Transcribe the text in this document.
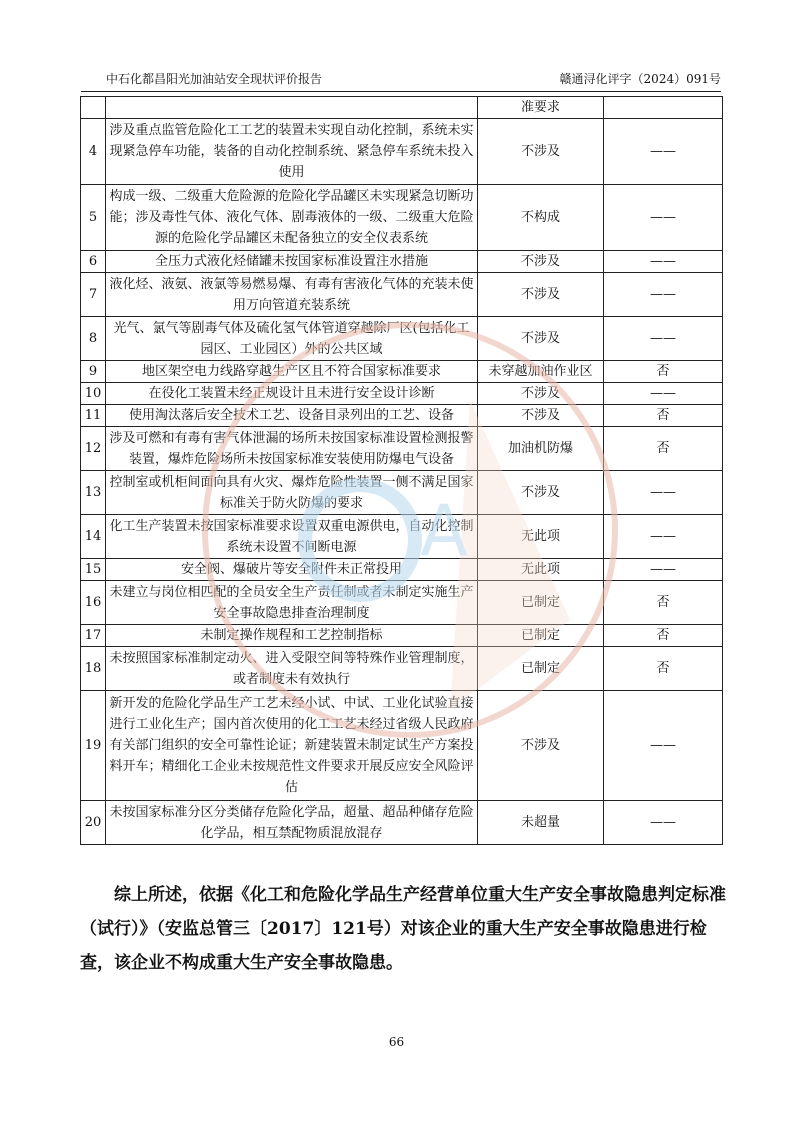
中石化都昌阳光加油站安全现状评价报告	赣通浔化评字（2024）091号
		准要求	
4	涉及重点监管危险化工工艺的装置未实现自动化控制，系统未实现紧急停车功能，装备的自动化控制系统、紧急停车系统未投入使用	不涉及	——
5	构成一级、二级重大危险源的危险化学品罐区未实现紧急切断功能；涉及毒性气体、液化气体、剧毒液体的一级、二级重大危险源的危险化学品罐区未配备独立的安全仪表系统	不构成	——
6	全压力式液化烃储罐未按国家标准设置注水措施	不涉及	——
7	液化烃、液氨、液氯等易燃易爆、有毒有害液化气体的充装未使用万向管道充装系统	不涉及	——
8	光气、氯气等剧毒气体及硫化氢气体管道穿越除厂区(包括化工园区、工业园区）外的公共区域	不涉及	——
9	地区架空电力线路穿越生产区且不符合国家标准要求	未穿越加油作业区	否
10	在役化工装置未经正规设计且未进行安全设计诊断	不涉及	——
11	使用淘汰落后安全技术工艺、设备目录列出的工艺、设备	不涉及	否
12	涉及可燃和有毒有害气体泄漏的场所未按国家标准设置检测报警装置，爆炸危险场所未按国家标准安装使用防爆电气设备	加油机防爆	否
13	控制室或机柜间面向具有火灾、爆炸危险性装置一侧不满足国家标准关于防火防爆的要求	不涉及	——
14	化工生产装置未按国家标准要求设置双重电源供电，自动化控制系统未设置不间断电源	无此项	——
15	安全阀、爆破片等安全附件未正常投用	无此项	——
16	未建立与岗位相匹配的全员安全生产责任制或者未制定实施生产安全事故隐患排查治理制度	已制定	否
17	未制定操作规程和工艺控制指标	已制定	否
18	未按照国家标准制定动火、进入受限空间等特殊作业管理制度，或者制度未有效执行	已制定	否
19	新开发的危险化学品生产工艺未经小试、中试、工业化试验直接进行工业化生产；国内首次使用的化工工艺未经过省级人民政府有关部门组织的安全可靠性论证；新建装置未制定试生产方案投料开车；精细化工企业未按规范性文件要求开展反应安全风险评估	不涉及	——
20	未按国家标准分区分类储存危险化学品，超量、超品种储存危险化学品，相互禁配物质混放混存	未超量	——

综上所述，依据《化工和危险化学品生产经营单位重大生产安全事故隐患判定标准（试行）》（安监总管三〔2017〕121号）对该企业的重大生产安全事故隐患进行检查，该企业不构成重大生产安全事故隐患。

66
A
